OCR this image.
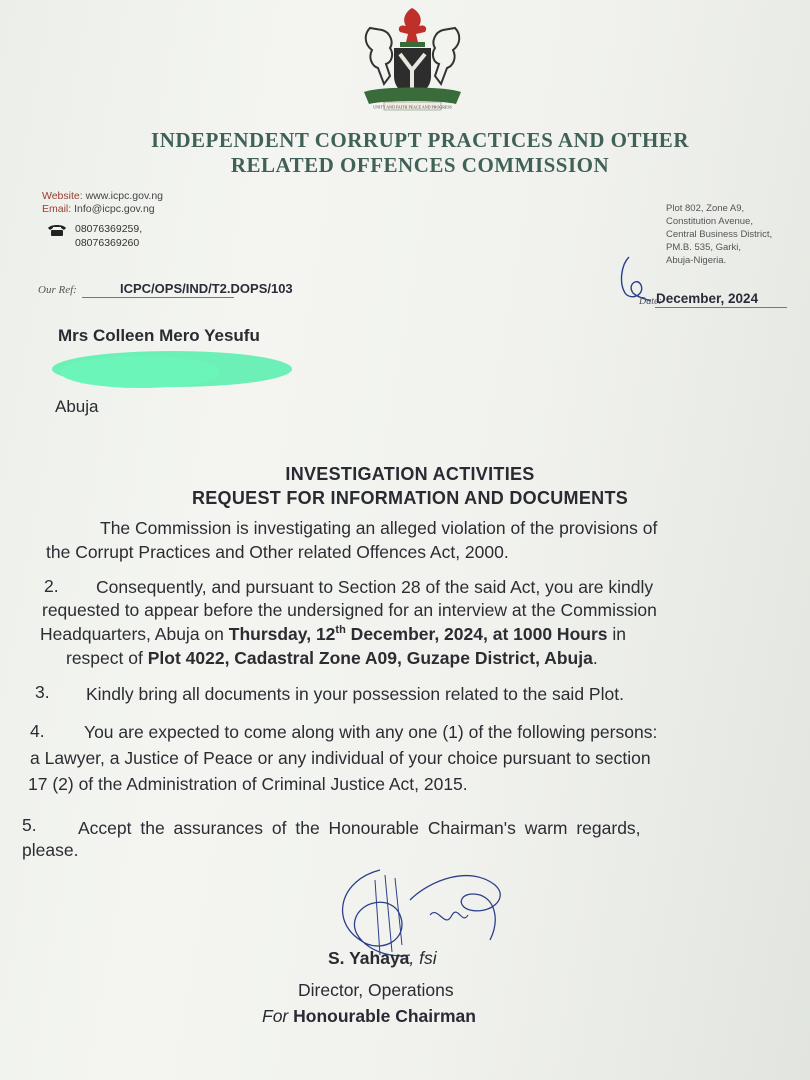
UNITY AND FAITH PEACE AND PROGRESS
INDEPENDENT CORRUPT PRACTICES AND OTHER
RELATED OFFENCES COMMISSION
Website: www.icpc.gov.ng
Email: Info@icpc.gov.ng
08076369259,
08076369260
Plot 802, Zone A9,
Constitution Avenue,
Central Business District,
PM.B. 535, Garki,
Abuja-Nigeria.
Our Ref:	ICPC/OPS/IND/T2.DOPS/103
Date:
December, 2024
Mrs Colleen Mero Yesufu
Abuja
INVESTIGATION ACTIVITIES
REQUEST FOR INFORMATION AND DOCUMENTS
The Commission is investigating an alleged violation of the provisions of
the Corrupt Practices and Other related Offences Act, 2000.
2. Consequently, and pursuant to Section 28 of the said Act, you are kindly
requested to appear before the undersigned for an interview at the Commission
Headquarters, Abuja on Thursday, 12th December, 2024, at 1000 Hours in
respect of Plot 4022, Cadastral Zone A09, Guzape District, Abuja.
3. Kindly bring all documents in your possession related to the said Plot.
4. You are expected to come along with any one (1) of the following persons:
a Lawyer, a Justice of Peace or any individual of your choice pursuant to section
17 (2) of the Administration of Criminal Justice Act, 2015.
5. Accept the assurances of the Honourable Chairman's warm regards,
please.
S. Yahaya, fsi
Director, Operations
For Honourable Chairman
